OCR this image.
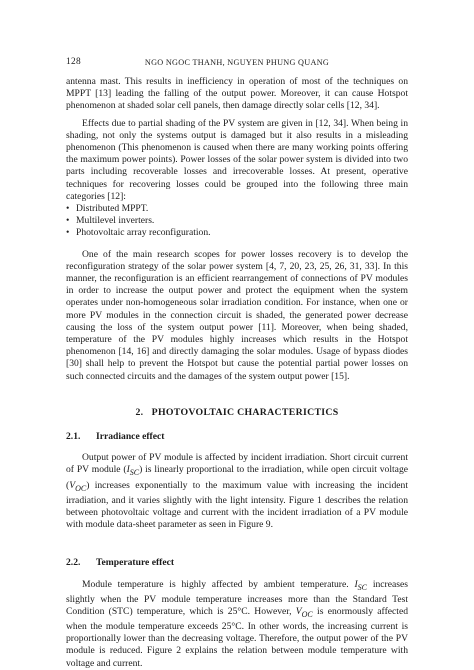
128	NGO NGOC THANH, NGUYEN PHUNG QUANG

antenna mast. This results in inefficiency in operation of most of the techniques on MPPT [13] leading the falling of the output power. Moreover, it can cause Hotspot phenomenon at shaded solar cell panels, then damage directly solar cells [12, 34].

Effects due to partial shading of the PV system are given in [12, 34]. When being in shading, not only the systems output is damaged but it also results in a misleading phenomenon (This phenomenon is caused when there are many working points offering the maximum power points). Power losses of the solar power system is divided into two parts including recoverable losses and irrecoverable losses. At present, operative techniques for recovering losses could be grouped into the following three main categories [12]:

• Distributed MPPT.
• Multilevel inverters.
• Photovoltaic array reconfiguration.

One of the main research scopes for power losses recovery is to develop the reconfiguration strategy of the solar power system [4, 7, 20, 23, 25, 26, 31, 33]. In this manner, the reconfiguration is an efficient rearrangement of connections of PV modules in order to increase the output power and protect the equipment when the system operates under non-homogeneous solar irradiation condition. For instance, when one or more PV modules in the connection circuit is shaded, the generated power decrease causing the loss of the system output power [11]. Moreover, when being shaded, temperature of the PV modules highly increases which results in the Hotspot phenomenon [14, 16] and directly damaging the solar modules. Usage of bypass diodes [30] shall help to prevent the Hotspot but cause the potential partial power losses on such connected circuits and the damages of the system output power [15].

2. PHOTOVOLTAIC CHARACTERICTICS
2.1. Irradiance effect

Output power of PV module is affected by incident irradiation. Short circuit current of PV module $(I_{SC})$ is linearly proportional to the irradiation, while open circuit voltage $(V_{OC})$ increases exponentially to the maximum value with increasing the incident irradiation, and it varies slightly with the light intensity. Figure 1 describes the relation between photovoltaic voltage and current with the incident irradiation of a PV module with module data-sheet parameter as seen in Figure 9.

2.2. Temperature effect

Module temperature is highly affected by ambient temperature. $I_{SC}$ increases slightly when the PV module temperature increases more than the Standard Test Condition (STC) temperature, which is 25°C. However, $V_{OC}$ is enormously affected when the module temperature exceeds 25°C. In other words, the increasing current is proportionally lower than the decreasing voltage. Therefore, the output power of the PV module is reduced. Figure 2 explains the relation between module temperature with voltage and current.
